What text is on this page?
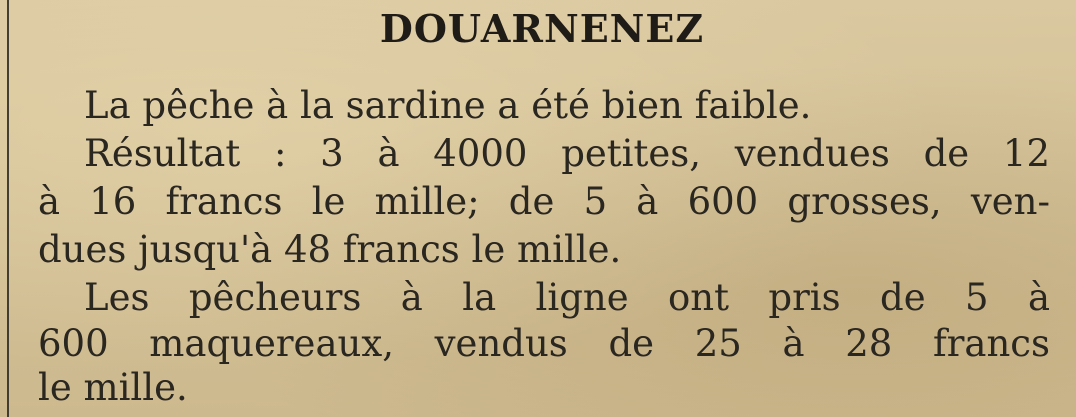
DOUARNENEZ
La pêche à la sardine a été bien faible.
Résultat : 3 à 4000 petites, vendues de 12
à 16 francs le mille; de 5 à 600 grosses, ven-
dues jusqu'à 48 francs le mille.
Les pêcheurs à la ligne ont pris de 5 à
600 maquereaux, vendus de 25 à 28 francs
le mille.
